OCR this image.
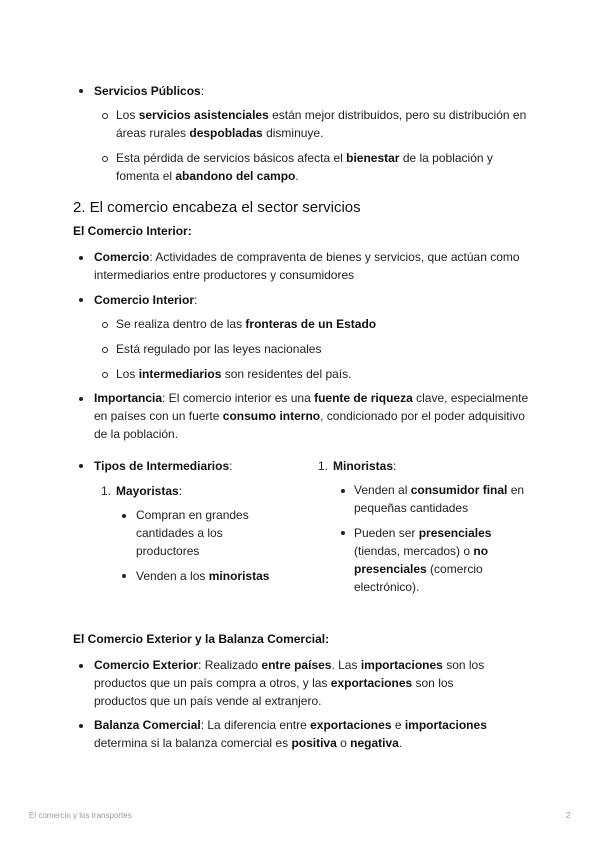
Servicios Públicos:
Los servicios asistenciales están mejor distribuidos, pero su distribución en áreas rurales despobladas disminuye.
Esta pérdida de servicios básicos afecta el bienestar de la población y fomenta el abandono del campo.
2. El comercio encabeza el sector servicios
El Comercio Interior:
Comercio: Actividades de compraventa de bienes y servicios, que actúan como intermediarios entre productores y consumidores
Comercio Interior:
Se realiza dentro de las fronteras de un Estado
Está regulado por las leyes nacionales
Los intermediarios son residentes del país.
Importancia: El comercio interior es una fuente de riqueza clave, especialmente en países con un fuerte consumo interno, condicionado por el poder adquisitivo de la población.
Tipos de Intermediarios:
1. Mayoristas:
Compran en grandes cantidades a los productores
Venden a los minoristas
1. Minoristas:
Venden al consumidor final en pequeñas cantidades
Pueden ser presenciales (tiendas, mercados) o no presenciales (comercio electrónico).
El Comercio Exterior y la Balanza Comercial:
Comercio Exterior: Realizado entre países. Las importaciones son los productos que un país compra a otros, y las exportaciones son los productos que un país vende al extranjero.
Balanza Comercial: La diferencia entre exportaciones e importaciones determina si la balanza comercial es positiva o negativa.
El comercio y los transportes	2
